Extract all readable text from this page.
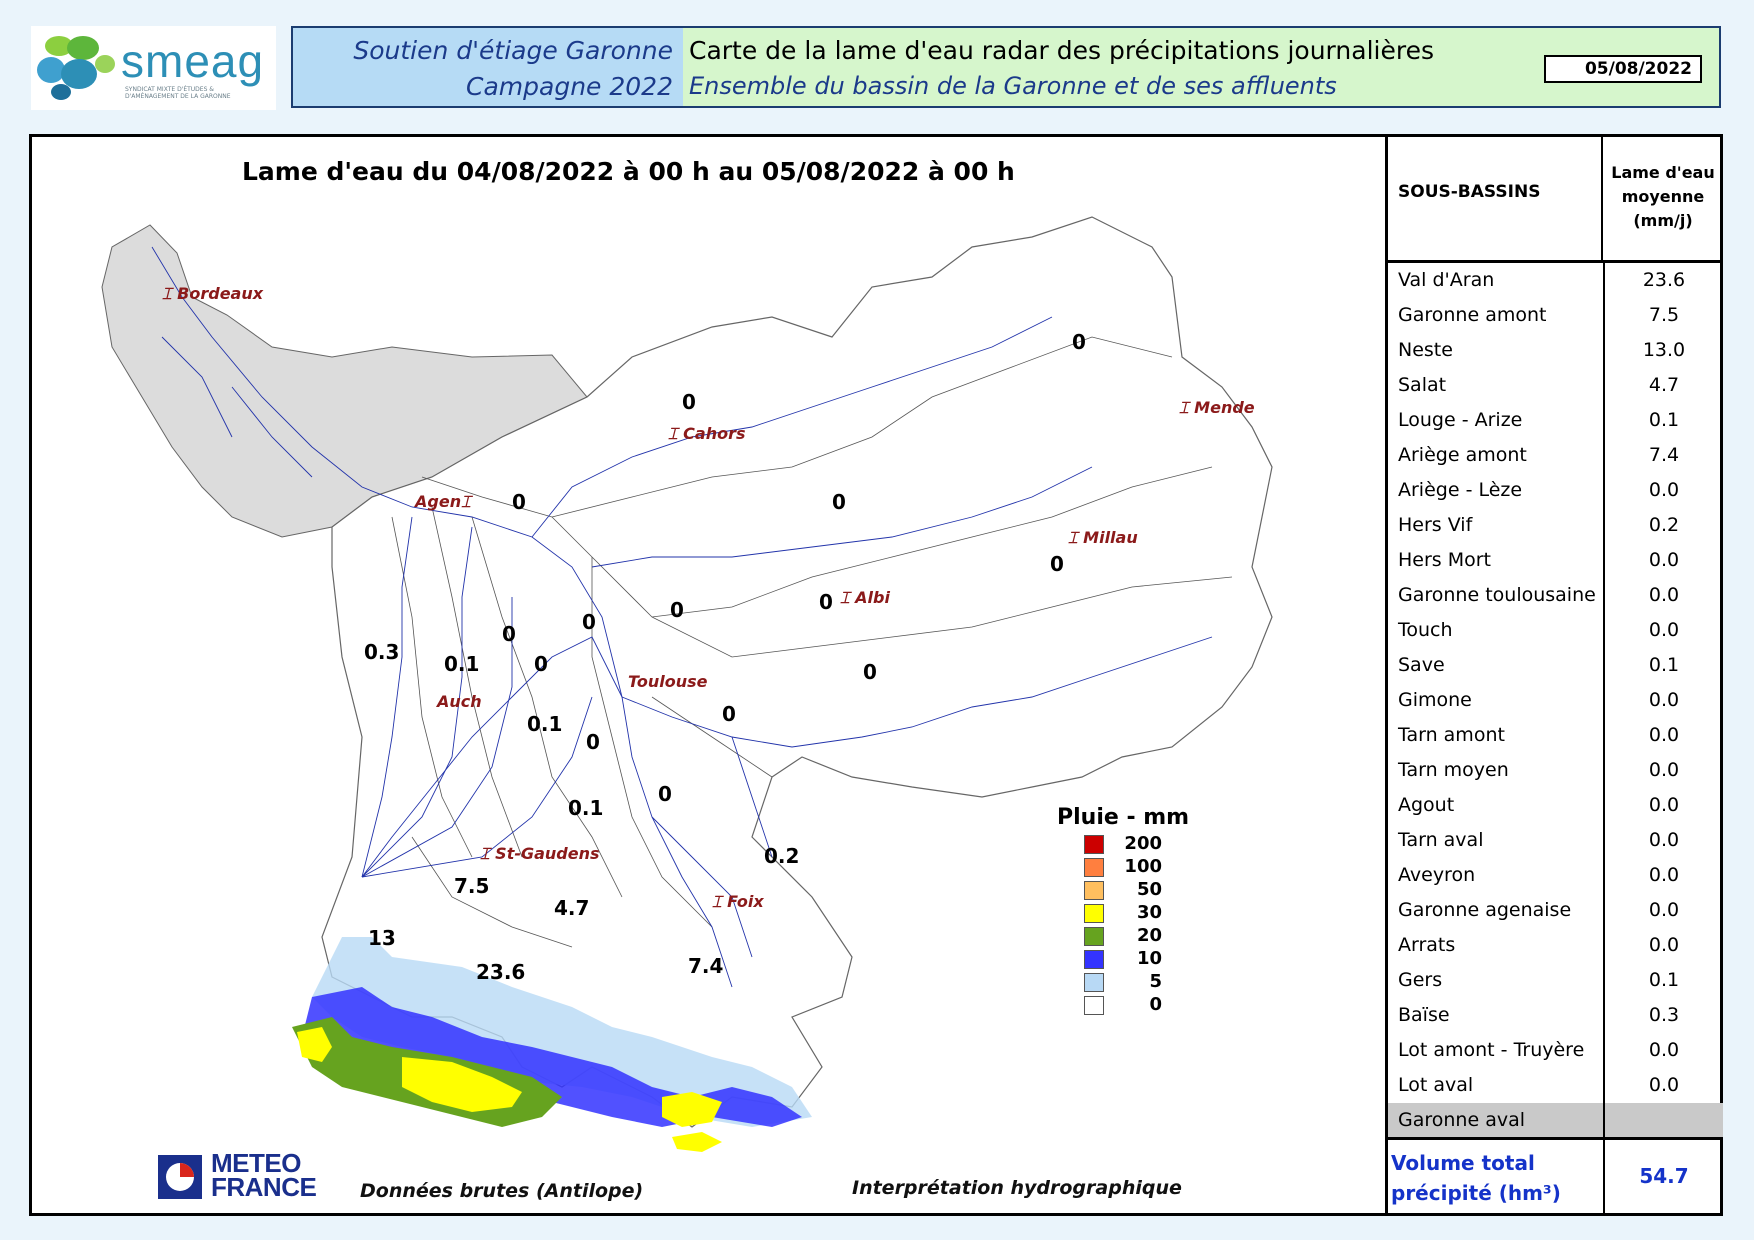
smeag
SYNDICAT MIXTE D'ÉTUDES & D'AMÉNAGEMENT DE LA GARONNE
Soutien d'étiage Garonne
Campagne 2022
Carte de la lame d'eau radar des précipitations journalières
Ensemble du bassin de la Garonne et de ses affluents
05/08/2022
Lame d'eau du 04/08/2022 à 00 h au 05/08/2022 à 00 h
⌶ Bordeaux
⌶ Cahors
⌶ Mende
Agen⌶
⌶ Millau
⌶ Albi
Toulouse
Auch
⌶ St-Gaudens
⌶ Foix
0
0
0	0
0
0
0
0.3 0.1
0	0
0	0
0.1	0
0.1
0
0.2
0
7.5
4.7
13
23.6	7.4
Pluie - mm
200
100
50
30
20
10
5
0
METEO
FRANCE Données brutes (Antilope)	Interprétation hydrographique
SOUS-BASSINS
Lame d'eau
moyenne
(mm/j)
Val d'Aran	23.6
Garonne amont	7.5
Neste	13.0
Salat	4.7
Louge - Arize	0.1
Ariège amont	7.4
Ariège - Lèze	0.0
Hers Vif	0.2
Hers Mort	0.0
Garonne toulousaine	0.0
Touch	0.0
Save	0.1
Gimone	0.0
Tarn amont	0.0
Tarn moyen	0.0
Agout	0.0
Tarn aval	0.0
Aveyron	0.0
Garonne agenaise	0.0
Arrats	0.0
Gers	0.1
Baïse	0.3
Lot amont - Truyère	0.0
Lot aval	0.0
Garonne aval
Volume total précipité (hm³)
54.7
